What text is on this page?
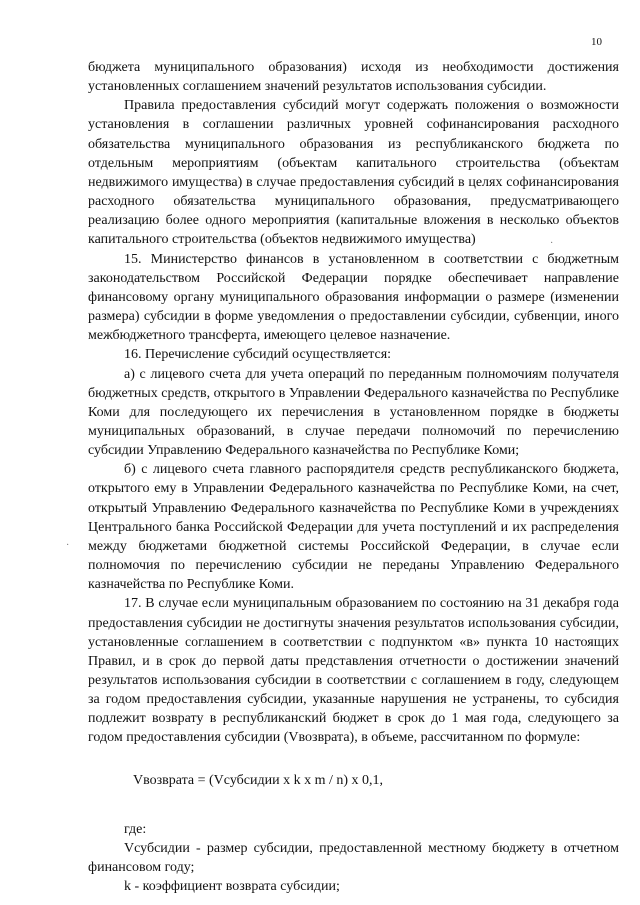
10

бюджета муниципального образования) исходя из необходимости достижения установленных соглашением значений результатов использования субсидии.

Правила предоставления субсидий могут содержать положения о возможности установления в соглашении различных уровней софинансирования расходного обязательства муниципального образования из республиканского бюджета по отдельным мероприятиям (объектам капитального строительства (объектам недвижимого имущества) в случае предоставления субсидий в целях софинансирования расходного обязательства муниципального образования, предусматривающего реализацию более одного мероприятия (капитальные вложения в несколько объектов капитального строительства (объектов недвижимого имущества)

15. Министерство финансов в установленном в соответствии с бюджетным законодательством Российской Федерации порядке обеспечивает направление финансовому органу муниципального образования информации о размере (изменении размера) субсидии в форме уведомления о предоставлении субсидии, субвенции, иного межбюджетного трансферта, имеющего целевое назначение.

16. Перечисление субсидий осуществляется:

а) с лицевого счета для учета операций по переданным полномочиям получателя бюджетных средств, открытого в Управлении Федерального казначейства по Республике Коми для последующего их перечисления в установленном порядке в бюджеты муниципальных образований, в случае передачи полномочий по перечислению субсидии Управлению Федерального казначейства по Республике Коми;

б) с лицевого счета главного распорядителя средств республиканского бюджета, открытого ему в Управлении Федерального казначейства по Республике Коми, на счет, открытый Управлению Федерального казначейства по Республике Коми в учреждениях Центрального банка Российской Федерации для учета поступлений и их распределения между бюджетами бюджетной системы Российской Федерации, в случае если полномочия по перечислению субсидии не переданы Управлению Федерального казначейства по Республике Коми.

17. В случае если муниципальным образованием по состоянию на 31 декабря года предоставления субсидии не достигнуты значения результатов использования субсидии, установленные соглашением в соответствии с подпунктом «в» пункта 10 настоящих Правил, и в срок до первой даты представления отчетности о достижении значений результатов использования субсидии в соответствии с соглашением в году, следующем за годом предоставления субсидии, указанные нарушения не устранены, то субсидия подлежит возврату в республиканский бюджет в срок до 1 мая года, следующего за годом предоставления субсидии (Vвозврата), в объеме, рассчитанном по формуле:

Vвозврата = (Vсубсидии x k x m / n) x 0,1,

где:

Vсубсидии - размер субсидии, предоставленной местному бюджету в отчетном финансовом году;

k - коэффициент возврата субсидии;

·
·
